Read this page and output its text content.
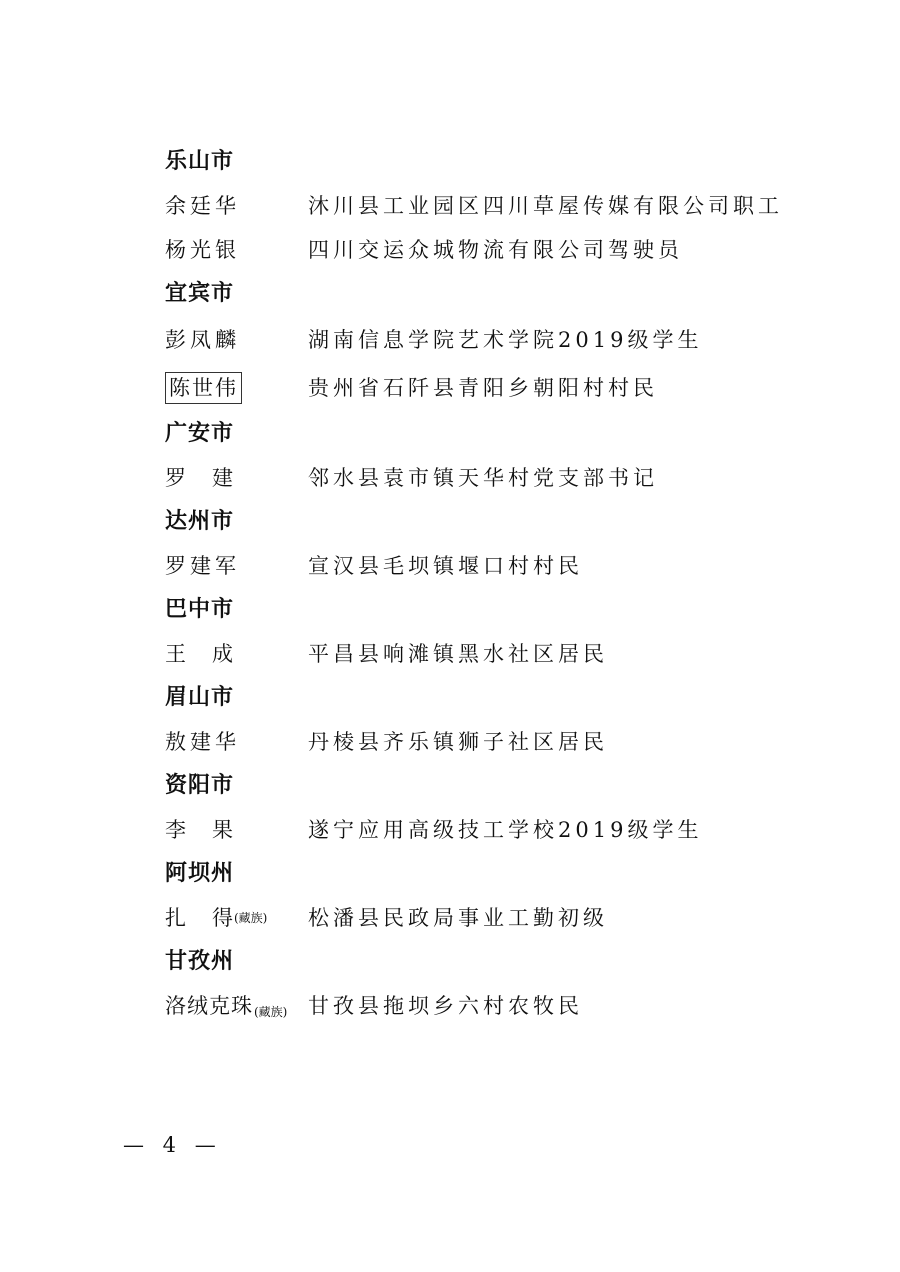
乐山市
余廷华	沐川县工业园区四川草屋传媒有限公司职工
杨光银	四川交运众城物流有限公司驾驶员
宜宾市
彭凤麟	湖南信息学院艺术学院2019级学生
陈世伟	贵州省石阡县青阳乡朝阳村村民
广安市
罗 建	邻水县袁市镇天华村党支部书记
达州市
罗建军	宣汉县毛坝镇堰口村村民
巴中市
王 成	平昌县响滩镇黑水社区居民
眉山市
敖建华	丹棱县齐乐镇狮子社区居民
资阳市
李 果	遂宁应用高级技工学校2019级学生
阿坝州
扎 得 (藏族) 松潘县民政局事业工勤初级
甘孜州
洛绒克珠(藏族) 甘孜县拖坝乡六村农牧民
— 4 —
